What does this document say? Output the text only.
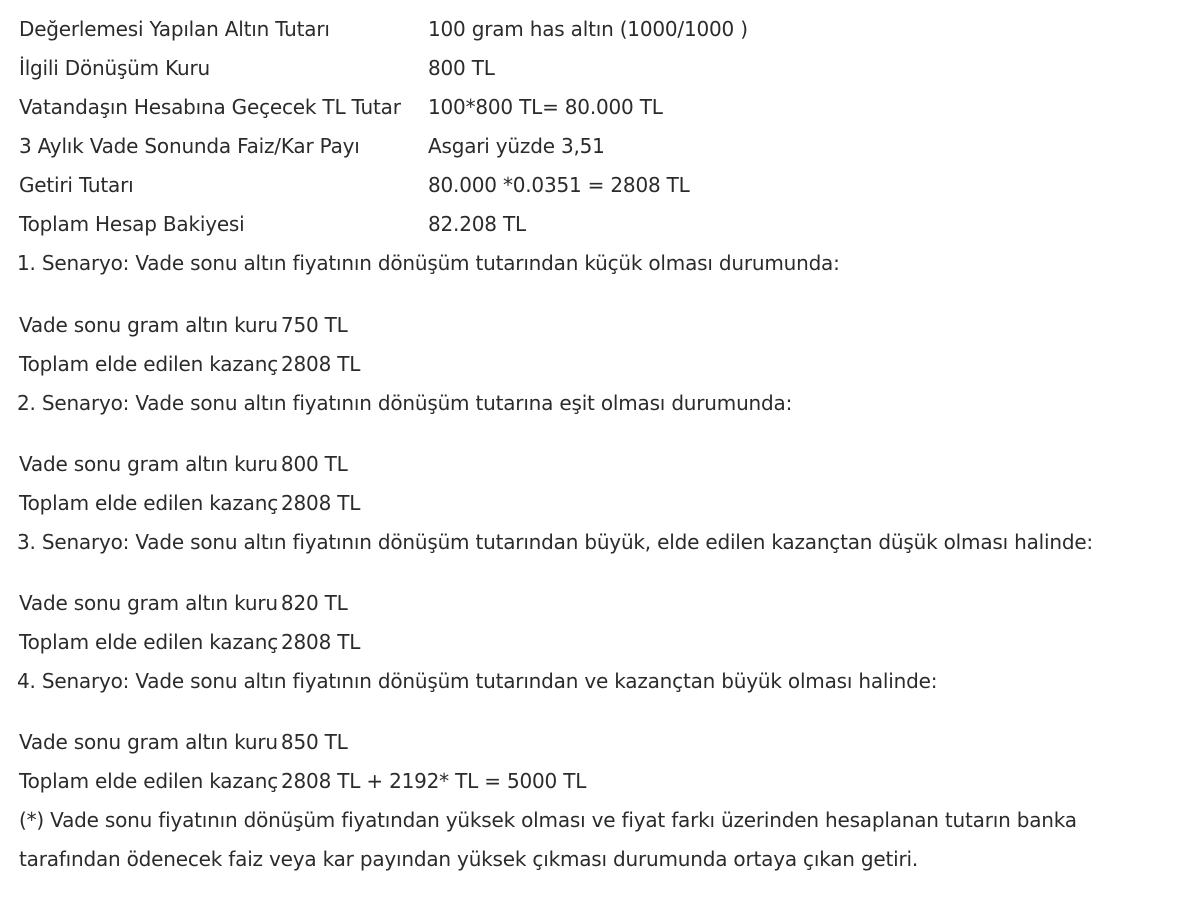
Değerlemesi Yapılan Altın Tutarı	100 gram has altın (1000/1000 )
İlgili Dönüşüm Kuru	800 TL
Vatandaşın Hesabına Geçecek TL Tutar 100*800 TL= 80.000 TL
3 Aylık Vade Sonunda Faiz/Kar Payı	Asgari yüzde 3,51
Getiri Tutarı	80.000 *0.0351 = 2808 TL
Toplam Hesap Bakiyesi	82.208 TL
1. Senaryo: Vade sonu altın fiyatının dönüşüm tutarından küçük olması durumunda:
Vade sonu gram altın kuru 750 TL
Toplam elde edilen kazanç 2808 TL
2. Senaryo: Vade sonu altın fiyatının dönüşüm tutarına eşit olması durumunda:
Vade sonu gram altın kuru 800 TL
Toplam elde edilen kazanç 2808 TL
3. Senaryo: Vade sonu altın fiyatının dönüşüm tutarından büyük, elde edilen kazançtan düşük olması halinde:
Vade sonu gram altın kuru 820 TL
Toplam elde edilen kazanç 2808 TL
4. Senaryo: Vade sonu altın fiyatının dönüşüm tutarından ve kazançtan büyük olması halinde:
Vade sonu gram altın kuru 850 TL
Toplam elde edilen kazanç 2808 TL + 2192* TL = 5000 TL
(*) Vade sonu fiyatının dönüşüm fiyatından yüksek olması ve fiyat farkı üzerinden hesaplanan tutarın banka tarafından ödenecek faiz veya kar payından yüksek çıkması durumunda ortaya çıkan getiri.
